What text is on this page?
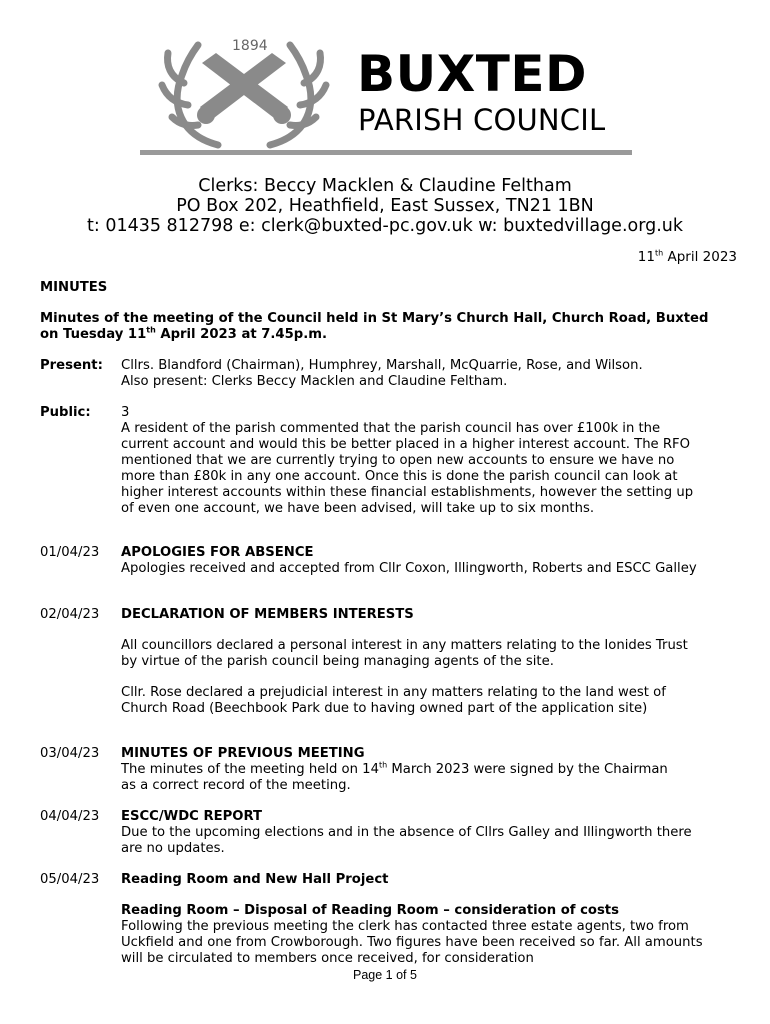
1894 BUXTED
PARISH COUNCIL
Clerks: Beccy Macklen & Claudine Feltham
PO Box 202, Heathfield, East Sussex, TN21 1BN
t: 01435 812798 e: clerk@buxted-pc.gov.uk w: buxtedvillage.org.uk
11th April 2023
MINUTES
Minutes of the meeting of the Council held in St Mary’s Church Hall, Church Road, Buxted on Tuesday 11th April 2023 at 7.45p.m.
Present:	Cllrs. Blandford (Chairman), Humphrey, Marshall, McQuarrie, Rose, and Wilson.
Also present: Clerks Beccy Macklen and Claudine Feltham.
Public:	3
A resident of the parish commented that the parish council has over £100k in the current account and would this be better placed in a higher interest account. The RFO mentioned that we are currently trying to open new accounts to ensure we have no more than £80k in any one account. Once this is done the parish council can look at higher interest accounts within these financial establishments, however the setting up of even one account, we have been advised, will take up to six months.
01/04/23	APOLOGIES FOR ABSENCE
Apologies received and accepted from Cllr Coxon, Illingworth, Roberts and ESCC Galley
02/04/23	DECLARATION OF MEMBERS INTERESTS
All councillors declared a personal interest in any matters relating to the Ionides Trust by virtue of the parish council being managing agents of the site.
Cllr. Rose declared a prejudicial interest in any matters relating to the land west of Church Road (Beechbook Park due to having owned part of the application site)
03/04/23	MINUTES OF PREVIOUS MEETING
The minutes of the meeting held on 14th March 2023 were signed by the Chairman as a correct record of the meeting.
04/04/23	ESCC/WDC REPORT
Due to the upcoming elections and in the absence of Cllrs Galley and Illingworth there are no updates.
05/04/23	Reading Room and New Hall Project
Reading Room – Disposal of Reading Room – consideration of costs
Following the previous meeting the clerk has contacted three estate agents, two from Uckfield and one from Crowborough. Two figures have been received so far. All amounts will be circulated to members once received, for consideration
Page 1 of 5
